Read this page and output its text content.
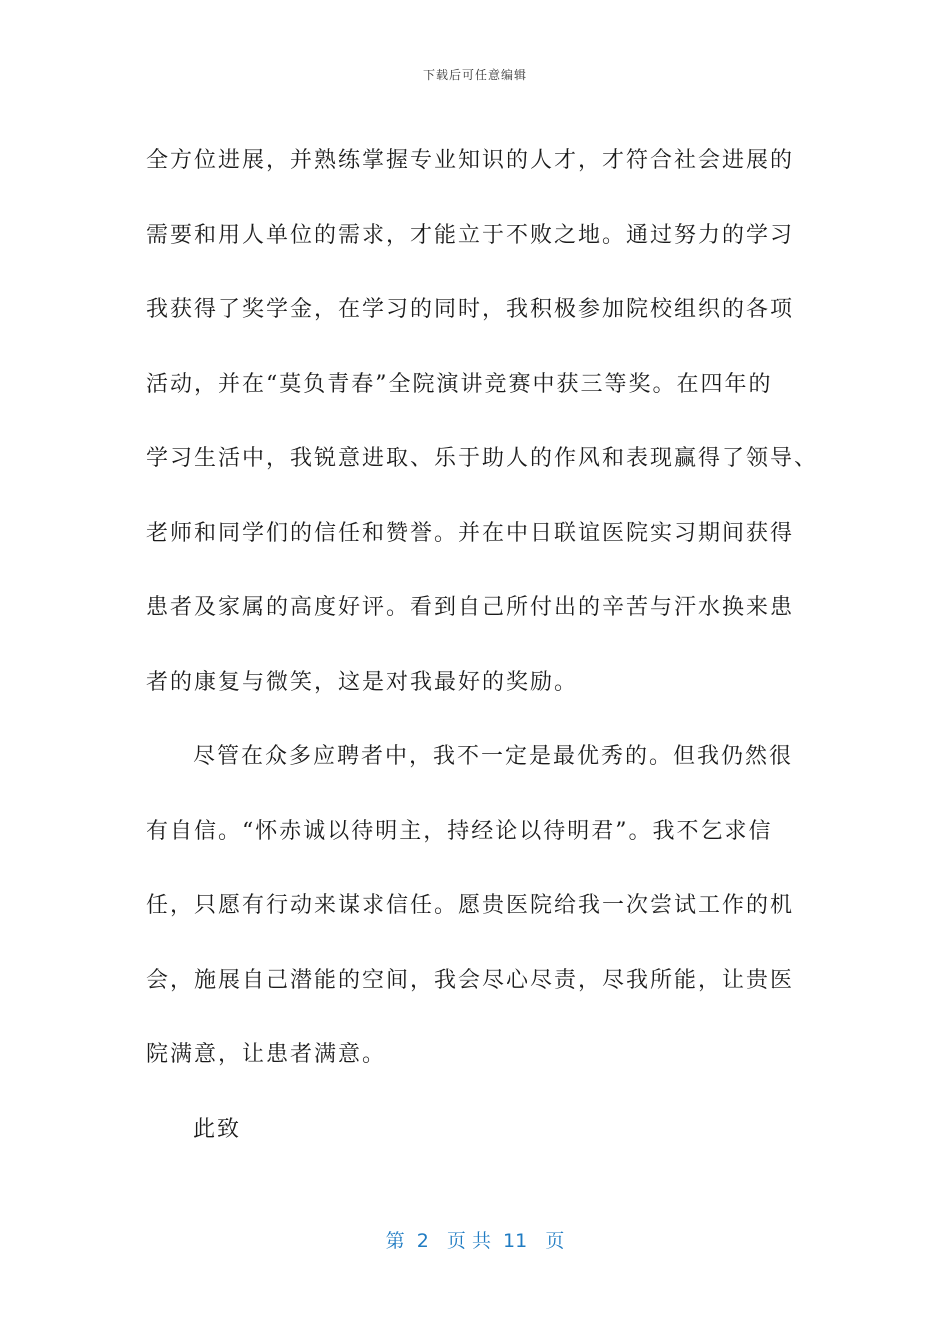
下载后可任意编辑
全方位进展，并熟练掌握专业知识的人才，才符合社会进展的
需要和用人单位的需求，才能立于不败之地。通过努力的学习
我获得了奖学金，在学习的同时，我积极参加院校组织的各项
活动，并在“莫负青春”全院演讲竞赛中获三等奖。在四年的
学习生活中，我锐意进取、乐于助人的作风和表现赢得了领导、
老师和同学们的信任和赞誉。并在中日联谊医院实习期间获得
患者及家属的高度好评。看到自己所付出的辛苦与汗水换来患
者的康复与微笑，这是对我最好的奖励。
尽管在众多应聘者中，我不一定是最优秀的。但我仍然很
有自信。“怀赤诚以待明主，持经论以待明君”。我不乞求信
任，只愿有行动来谋求信任。愿贵医院给我一次尝试工作的机
会，施展自己潜能的空间，我会尽心尽责，尽我所能，让贵医
院满意，让患者满意。
此致
第  2   页 共  11   页
